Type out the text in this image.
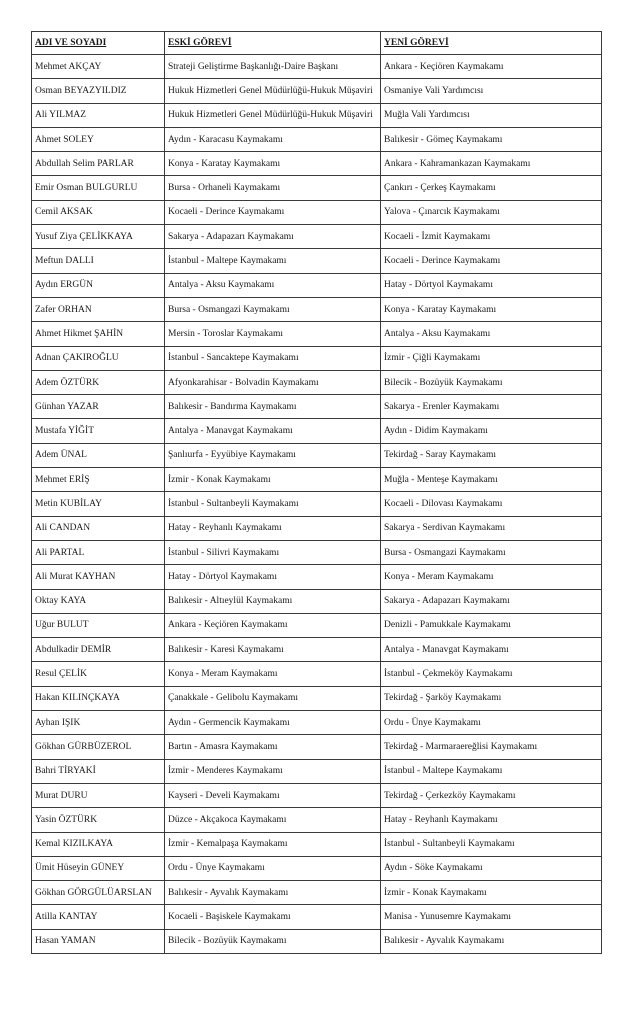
ADI VE SOYADI	ESKİ GÖREVİ	YENİ GÖREVİ
Mehmet AKÇAY	Strateji Geliştirme Başkanlığı-Daire Başkanı	Ankara - Keçiören Kaymakamı
Osman BEYAZYILDIZ	Hukuk Hizmetleri Genel Müdürlüğü-Hukuk Müşaviri	Osmaniye Vali Yardımcısı
Ali YILMAZ	Hukuk Hizmetleri Genel Müdürlüğü-Hukuk Müşaviri	Muğla Vali Yardımcısı
Ahmet SOLEY	Aydın - Karacasu Kaymakamı	Balıkesir - Gömeç Kaymakamı
Abdullah Selim PARLAR	Konya - Karatay Kaymakamı	Ankara - Kahramankazan Kaymakamı
Emir Osman BULGURLU	Bursa - Orhaneli Kaymakamı	Çankırı - Çerkeş Kaymakamı
Cemil AKSAK	Kocaeli - Derince Kaymakamı	Yalova - Çınarcık Kaymakamı
Yusuf Ziya ÇELİKKAYA	Sakarya - Adapazarı Kaymakamı	Kocaeli - İzmit Kaymakamı
Meftun DALLI	İstanbul - Maltepe Kaymakamı	Kocaeli - Derince Kaymakamı
Aydın ERGÜN	Antalya - Aksu Kaymakamı	Hatay - Dörtyol Kaymakamı
Zafer ORHAN	Bursa - Osmangazi Kaymakamı	Konya - Karatay Kaymakamı
Ahmet Hikmet ŞAHİN	Mersin - Toroslar Kaymakamı	Antalya - Aksu Kaymakamı
Adnan ÇAKIROĞLU	İstanbul - Sancaktepe Kaymakamı	İzmir - Çiğli Kaymakamı
Adem ÖZTÜRK	Afyonkarahisar - Bolvadin Kaymakamı	Bilecik - Bozüyük Kaymakamı
Günhan YAZAR	Balıkesir - Bandırma Kaymakamı	Sakarya - Erenler Kaymakamı
Mustafa YİĞİT	Antalya - Manavgat Kaymakamı	Aydın - Didim Kaymakamı
Adem ÜNAL	Şanlıurfa - Eyyübiye Kaymakamı	Tekirdağ - Saray Kaymakamı
Mehmet ERİŞ	İzmir - Konak Kaymakamı	Muğla - Menteşe Kaymakamı
Metin KUBİLAY	İstanbul - Sultanbeyli Kaymakamı	Kocaeli - Dilovası Kaymakamı
Ali CANDAN	Hatay - Reyhanlı Kaymakamı	Sakarya - Serdivan Kaymakamı
Ali PARTAL	İstanbul - Silivri Kaymakamı	Bursa - Osmangazi Kaymakamı
Ali Murat KAYHAN	Hatay - Dörtyol Kaymakamı	Konya - Meram Kaymakamı
Oktay KAYA	Balıkesir - Altıeylül Kaymakamı	Sakarya - Adapazarı Kaymakamı
Uğur BULUT	Ankara - Keçiören Kaymakamı	Denizli - Pamukkale Kaymakamı
Abdulkadir DEMİR	Balıkesir - Karesi Kaymakamı	Antalya - Manavgat Kaymakamı
Resul ÇELİK	Konya - Meram Kaymakamı	İstanbul - Çekmeköy Kaymakamı
Hakan KILINÇKAYA	Çanakkale - Gelibolu Kaymakamı	Tekirdağ - Şarköy Kaymakamı
Ayhan IŞIK	Aydın - Germencik Kaymakamı	Ordu - Ünye Kaymakamı
Gökhan GÜRBÜZEROL	Bartın - Amasra Kaymakamı	Tekirdağ - Marmaraereğlisi Kaymakamı
Bahri TİRYAKİ	İzmir - Menderes Kaymakamı	İstanbul - Maltepe Kaymakamı
Murat DURU	Kayseri - Develi Kaymakamı	Tekirdağ - Çerkezköy Kaymakamı
Yasin ÖZTÜRK	Düzce - Akçakoca Kaymakamı	Hatay - Reyhanlı Kaymakamı
Kemal KIZILKAYA	İzmir - Kemalpaşa Kaymakamı	İstanbul - Sultanbeyli Kaymakamı
Ümit Hüseyin GÜNEY	Ordu - Ünye Kaymakamı	Aydın - Söke Kaymakamı
Gökhan GÖRGÜLÜARSLAN	Balıkesir - Ayvalık Kaymakamı	İzmir - Konak Kaymakamı
Atilla KANTAY	Kocaeli - Başiskele Kaymakamı	Manisa - Yunusemre Kaymakamı
Hasan YAMAN	Bilecik - Bozüyük Kaymakamı	Balıkesir - Ayvalık Kaymakamı
